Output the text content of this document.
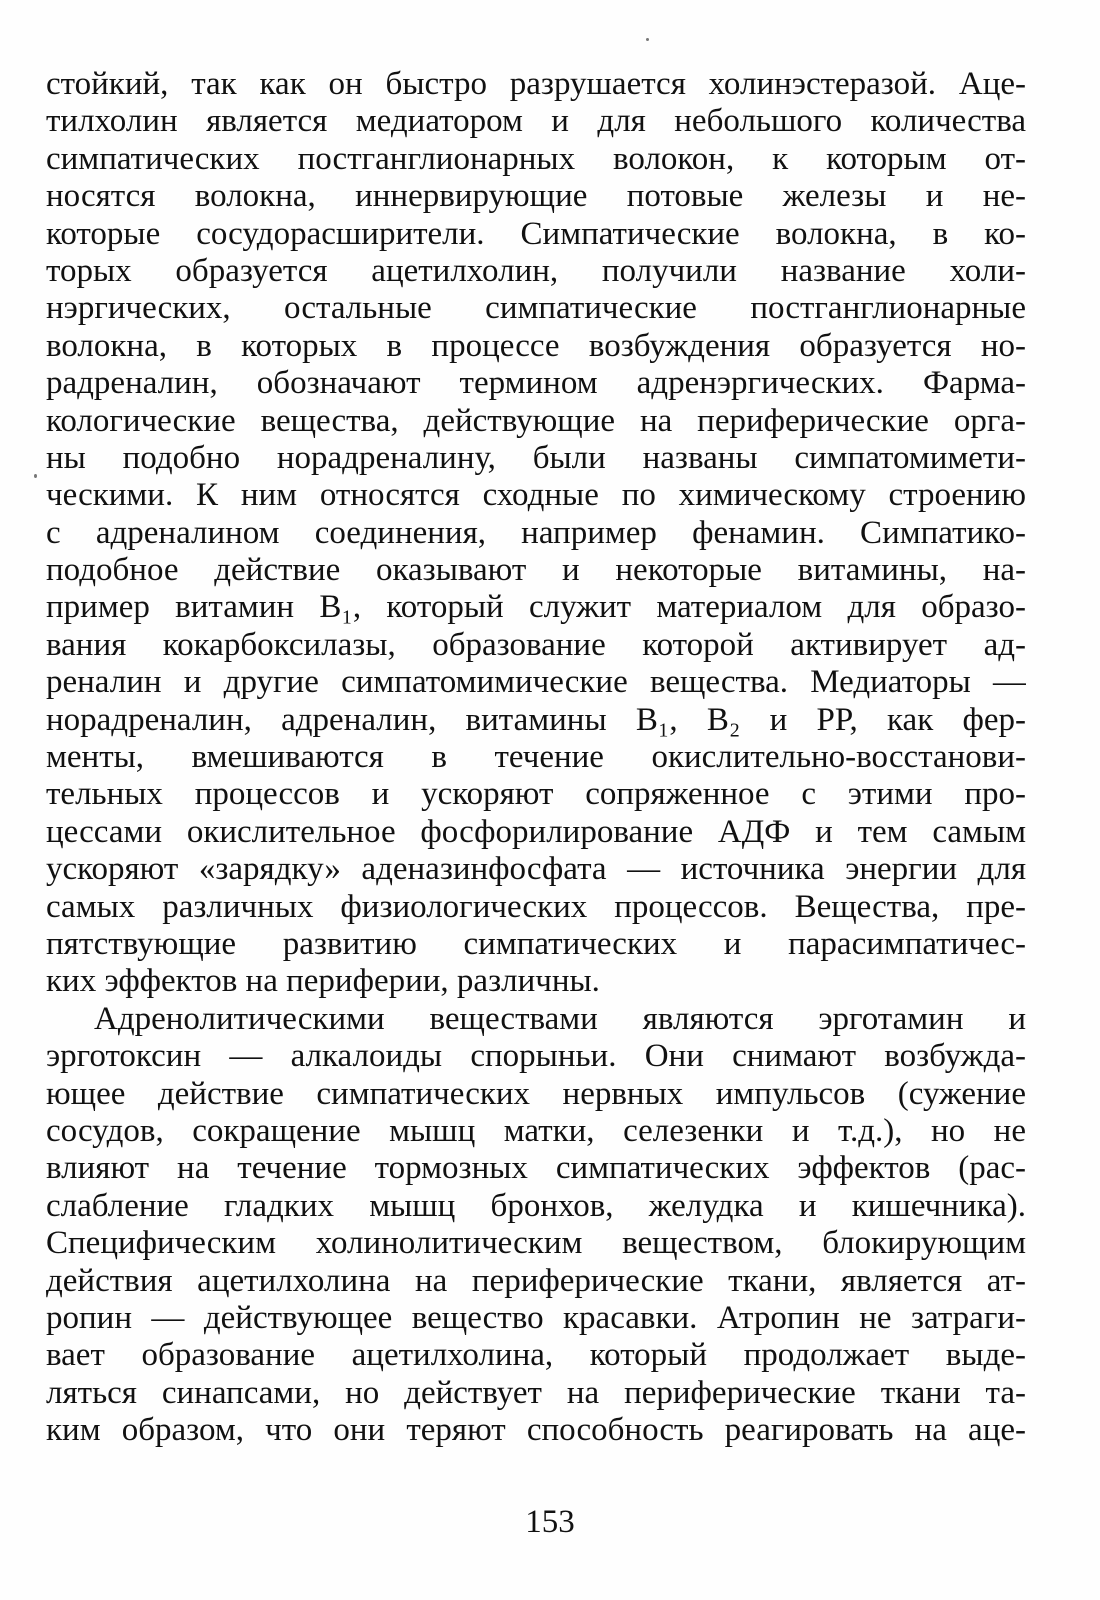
стойкий, так как он быстро разрушается холинэстеразой. Аце-
тилхолин является медиатором и для небольшого количества
симпатических постганглионарных волокон, к которым от-
носятся волокна, иннервирующие потовые железы и не-
которые сосудорасширители. Симпатические волокна, в ко-
торых образуется ацетилхолин, получили название холи-
нэргических, остальные симпатические постганглионарные
волокна, в которых в процессе возбуждения образуется но-
радреналин, обозначают термином адренэргических. Фарма-
кологические вещества, действующие на периферические орга-
ны подобно норадреналину, были названы симпатомимети-
ческими. К ним относятся сходные по химическому строению
с адреналином соединения, например фенамин. Симпатико-
подобное действие оказывают и некоторые витамины, на-
пример витамин B₁, который служит материалом для образо-
вания кокарбоксилазы, образование которой активирует ад-
реналин и другие симпатомимические вещества. Медиаторы —
норадреналин, адреналин, витамины B₁, B₂ и PP, как фер-
менты, вмешиваются в течение окислительно-восстанови-
тельных процессов и ускоряют сопряженное с этими про-
цессами окислительное фосфорилирование АДФ и тем самым
ускоряют «зарядку» аденазинфосфата — источника энергии для
самых различных физиологических процессов. Вещества, пре-
пятствующие развитию симпатических и парасимпатичес-
ких эффектов на периферии, различны.
Адренолитическими веществами являются эрготамин и
эрготоксин — алкалоиды спорыньи. Они снимают возбужда-
ющее действие симпатических нервных импульсов (сужение
сосудов, сокращение мышц матки, селезенки и т.д.), но не
влияют на течение тормозных симпатических эффектов (рас-
слабление гладких мышц бронхов, желудка и кишечника).
Специфическим холинолитическим веществом, блокирующим
действия ацетилхолина на периферические ткани, является ат-
ропин — действующее вещество красавки. Атропин не затраги-
вает образование ацетилхолина, который продолжает выде-
ляться синапсами, но действует на периферические ткани та-
ким образом, что они теряют способность реагировать на аце-
153
